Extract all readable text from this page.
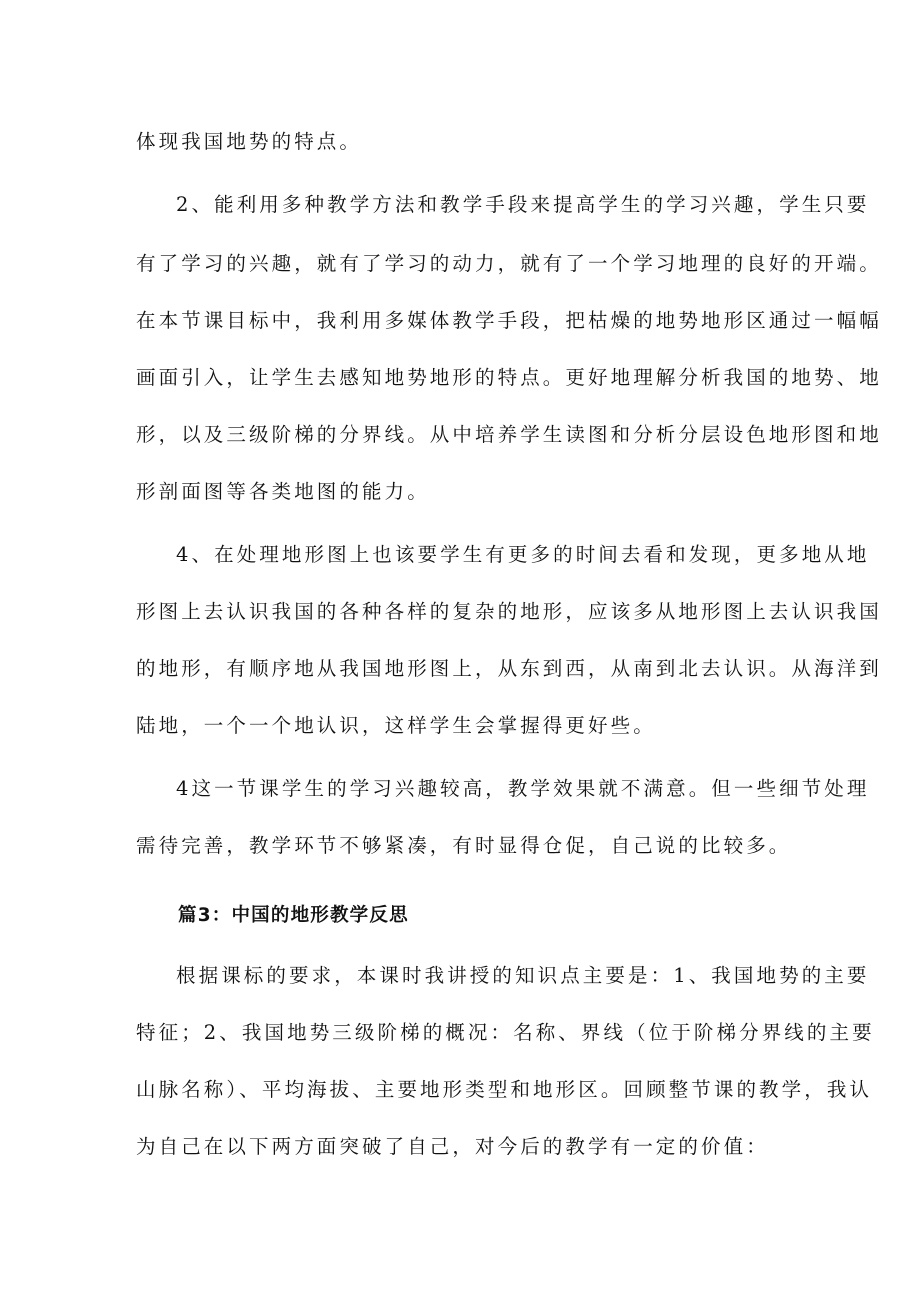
体现我国地势的特点。
2、能利用多种教学方法和教学手段来提高学生的学习兴趣，学生只要
有了学习的兴趣，就有了学习的动力，就有了一个学习地理的良好的开端。
在本节课目标中，我利用多媒体教学手段，把枯燥的地势地形区通过一幅幅
画面引入，让学生去感知地势地形的特点。更好地理解分析我国的地势、地
形，以及三级阶梯的分界线。从中培养学生读图和分析分层设色地形图和地
形剖面图等各类地图的能力。
4、在处理地形图上也该要学生有更多的时间去看和发现，更多地从地
形图上去认识我国的各种各样的复杂的地形，应该多从地形图上去认识我国
的地形，有顺序地从我国地形图上，从东到西，从南到北去认识。从海洋到
陆地，一个一个地认识，这样学生会掌握得更好些。
4这一节课学生的学习兴趣较高，教学效果就不满意。但一些细节处理
需待完善，教学环节不够紧凑，有时显得仓促，自己说的比较多。
篇3：中国的地形教学反思
根据课标的要求，本课时我讲授的知识点主要是：1、我国地势的主要
特征；2、我国地势三级阶梯的概况：名称、界线（位于阶梯分界线的主要
山脉名称）、平均海拔、主要地形类型和地形区。回顾整节课的教学，我认
为自己在以下两方面突破了自己，对今后的教学有一定的价值：
